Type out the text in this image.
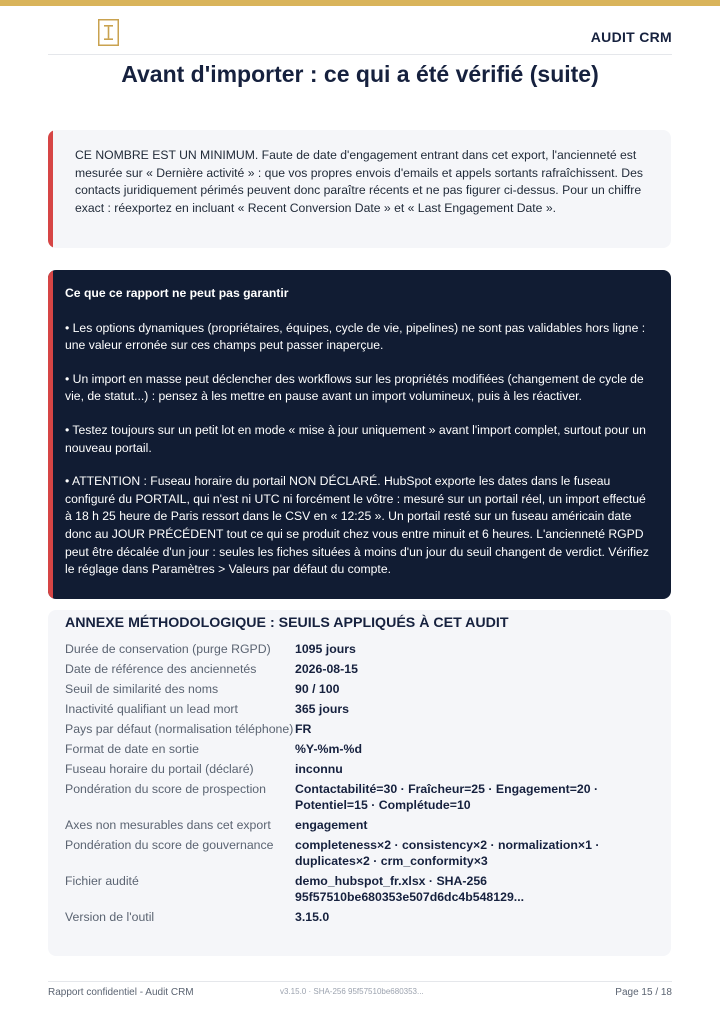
AUDIT CRM
Avant d'importer : ce qui a été vérifié (suite)

CE NOMBRE EST UN MINIMUM. Faute de date d'engagement entrant dans cet export, l'ancienneté est mesurée sur « Dernière activité » : que vos propres envois d'emails et appels sortants rafraîchissent. Des contacts juridiquement périmés peuvent donc paraître récents et ne pas figurer ci-dessus. Pour un chiffre exact : réexportez en incluant « Recent Conversion Date » et « Last Engagement Date ».

Ce que ce rapport ne peut pas garantir

• Les options dynamiques (propriétaires, équipes, cycle de vie, pipelines) ne sont pas validables hors ligne : une valeur erronée sur ces champs peut passer inaperçue.

• Un import en masse peut déclencher des workflows sur les propriétés modifiées (changement de cycle de vie, de statut...) : pensez à les mettre en pause avant un import volumineux, puis à les réactiver.

• Testez toujours sur un petit lot en mode « mise à jour uniquement » avant l'import complet, surtout pour un nouveau portail.

• ATTENTION : Fuseau horaire du portail NON DÉCLARÉ. HubSpot exporte les dates dans le fuseau configuré du PORTAIL, qui n'est ni UTC ni forcément le vôtre : mesuré sur un portail réel, un import effectué à 18 h 25 heure de Paris ressort dans le CSV en « 12:25 ». Un portail resté sur un fuseau américain date donc au JOUR PRÉCÉDENT tout ce qui se produit chez vous entre minuit et 6 heures. L'ancienneté RGPD peut être décalée d'un jour : seules les fiches situées à moins d'un jour du seuil changent de verdict. Vérifiez le réglage dans Paramètres > Valeurs par défaut du compte.

ANNEXE MÉTHODOLOGIQUE : SEUILS APPLIQUÉS À CET AUDIT
Durée de conservation (purge RGPD)	1095 jours
Date de référence des anciennetés	2026-08-15
Seuil de similarité des noms	90 / 100
Inactivité qualifiant un lead mort	365 jours
Pays par défaut (normalisation téléphone) FR
Format de date en sortie	%Y-%m-%d
Fuseau horaire du portail (déclaré)	inconnu
Pondération du score de prospection	Contactabilité=30 · Fraîcheur=25 · Engagement=20 · Potentiel=15 · Complétude=10
Axes non mesurables dans cet export	engagement
Pondération du score de gouvernance	completeness×2 · consistency×2 · normalization×1 · duplicates×2 · crm_conformity×3
Fichier audité	demo_hubspot_fr.xlsx · SHA-256 95f57510be680353e507d6dc4b548129...
Version de l'outil	3.15.0
Rapport confidentiel - Audit CRM	v3.15.0 · SHA-256 95f57510be680353...	Page 15 / 18
